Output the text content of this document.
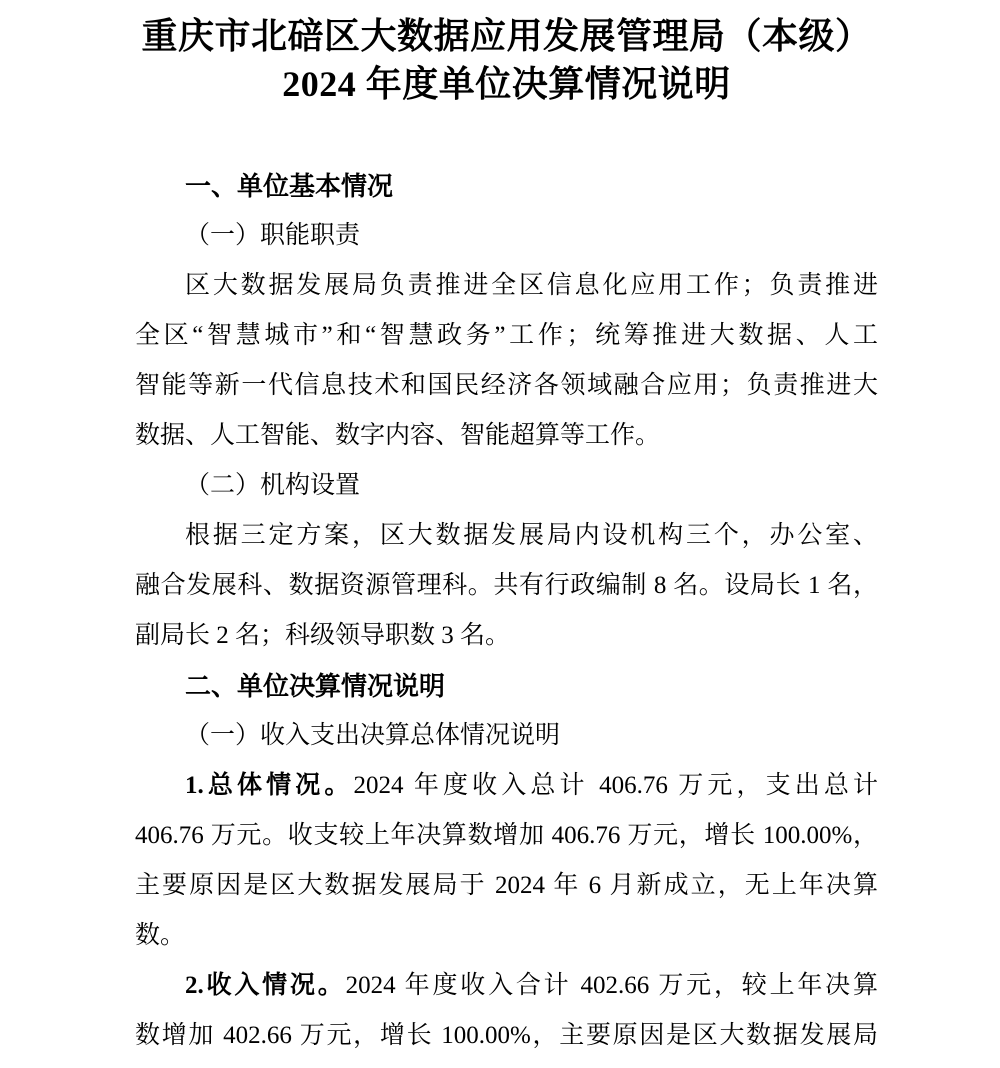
重庆市北碚区大数据应用发展管理局（本级）
2024 年度单位决算情况说明
一、单位基本情况
（一）职能职责
区大数据发展局负责推进全区信息化应用工作；负责推进
全区“智慧城市”和“智慧政务”工作；统筹推进大数据、人工
智能等新一代信息技术和国民经济各领域融合应用；负责推进大
数据、人工智能、数字内容、智能超算等工作。
（二）机构设置
根据三定方案，区大数据发展局内设机构三个，办公室、
融合发展科、数据资源管理科。共有行政编制 8 名。设局长 1 名，
副局长 2 名；科级领导职数 3 名。
二、单位决算情况说明
（一）收入支出决算总体情况说明
1.总体情况。2024 年度收入总计 406.76 万元，支出总计
406.76 万元。收支较上年决算数增加 406.76 万元，增长 100.00%，
主要原因是区大数据发展局于 2024 年 6 月新成立，无上年决算
数。
2.收入情况。2024 年度收入合计 402.66 万元，较上年决算
数增加 402.66 万元，增长 100.00%，主要原因是区大数据发展局
